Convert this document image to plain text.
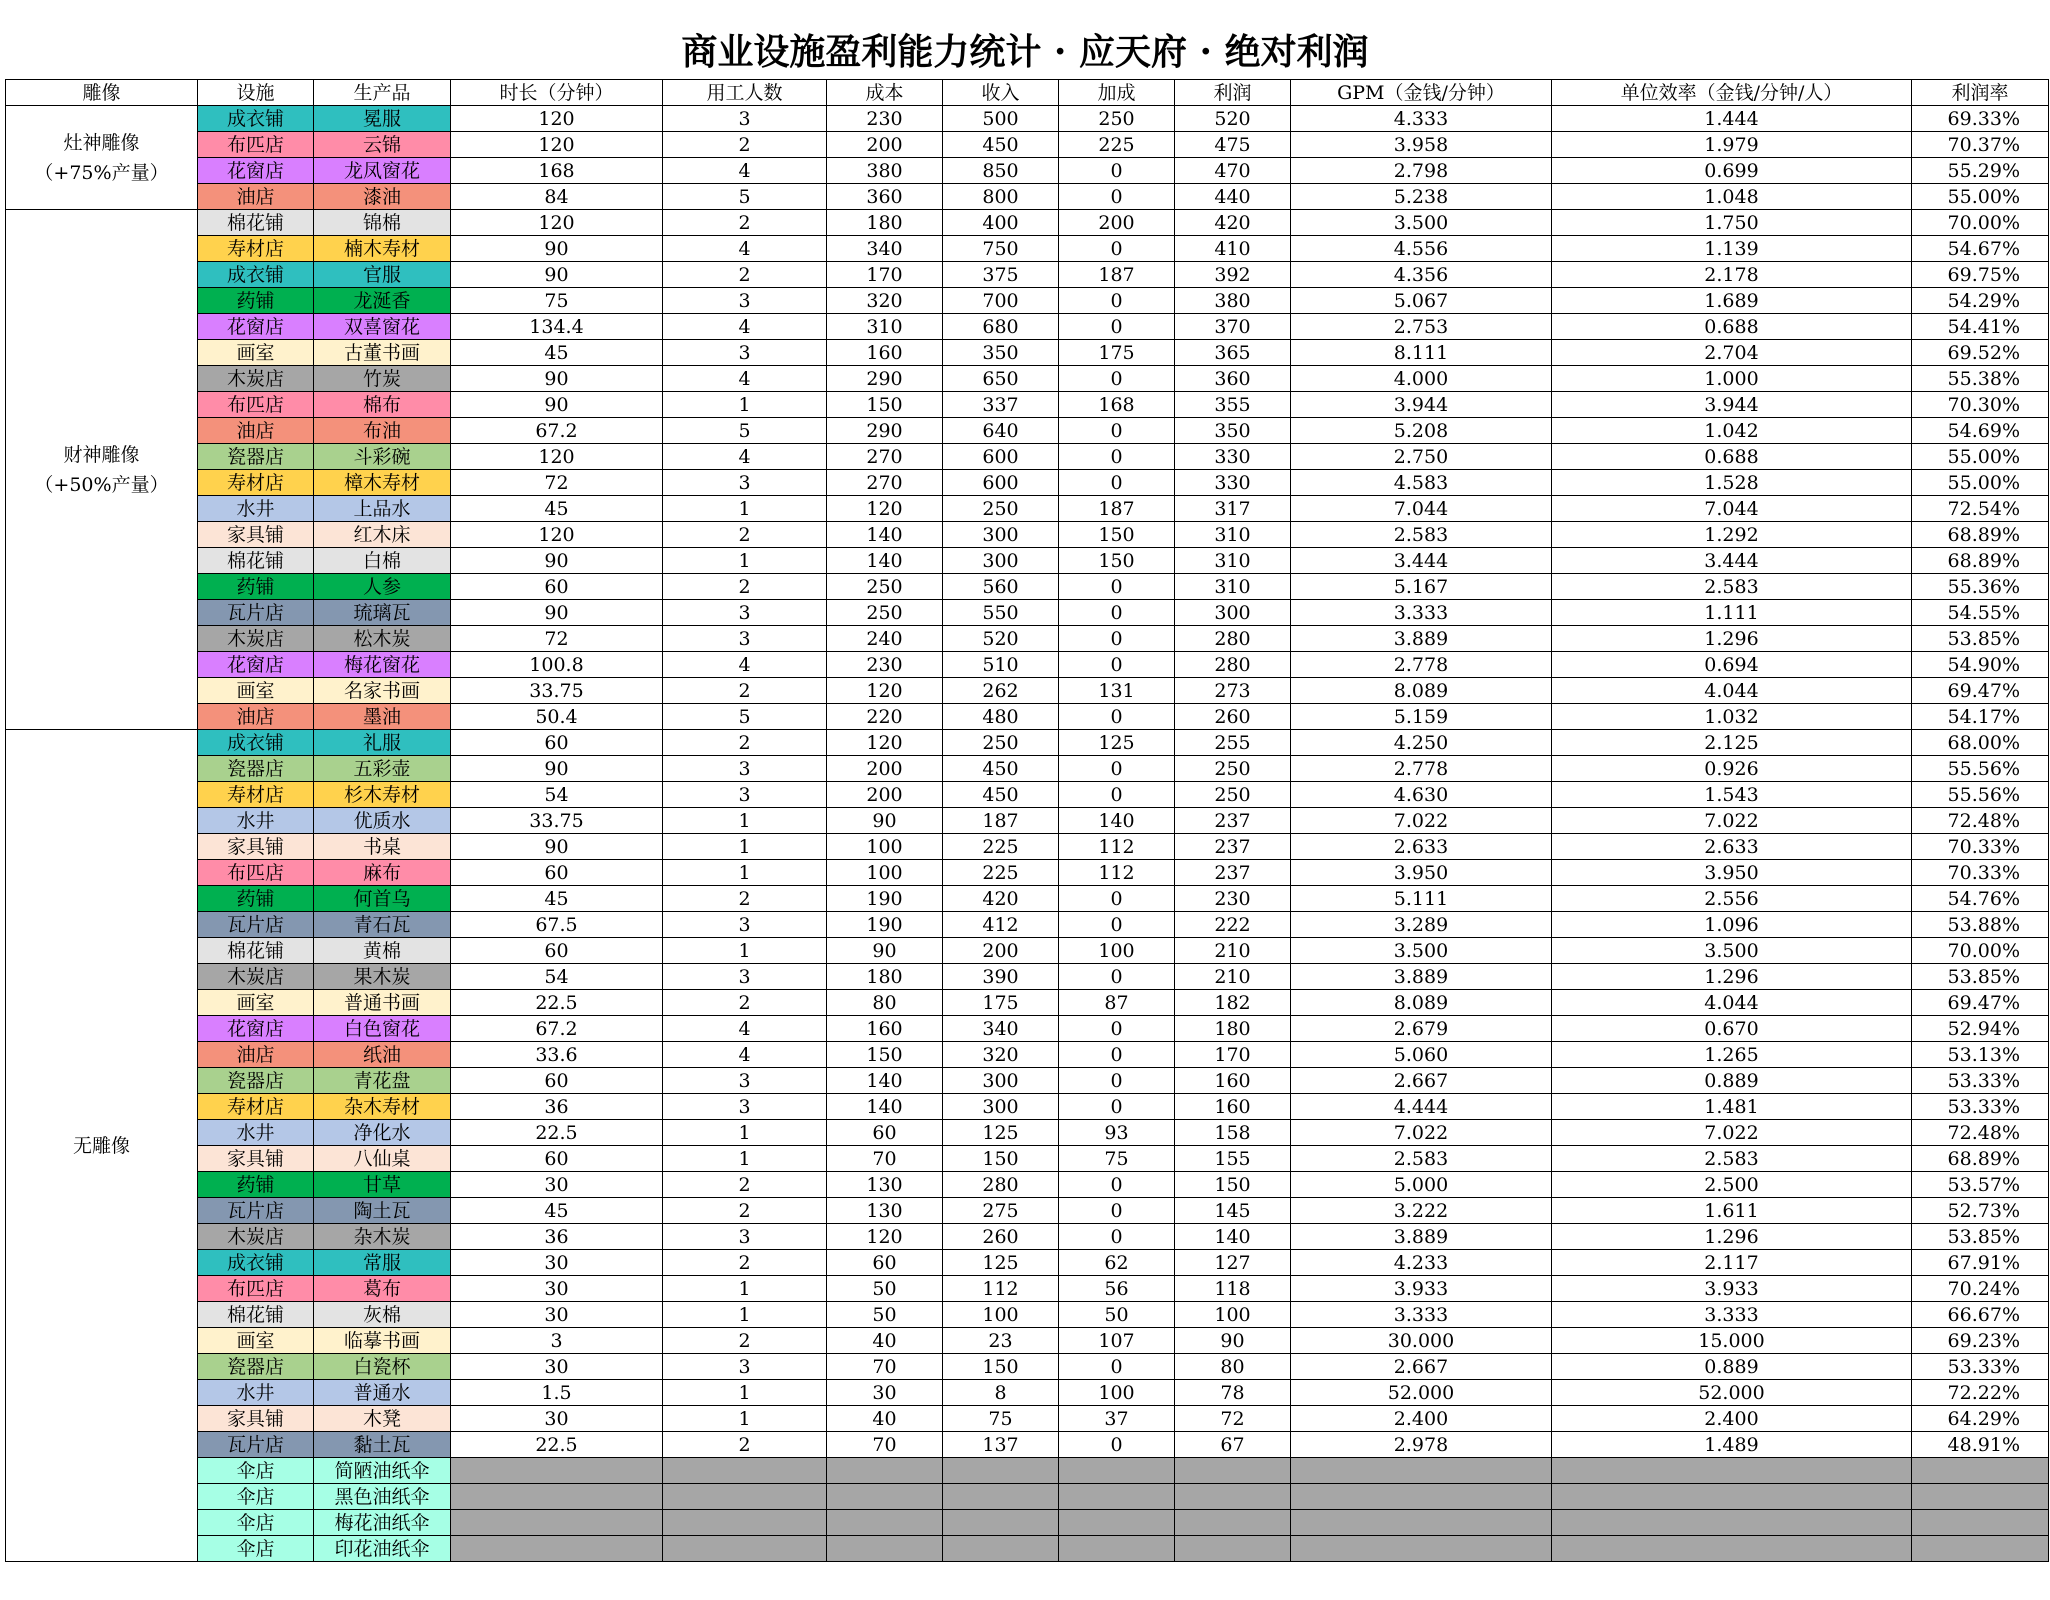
商业设施盈利能力统计 · 应天府 · 绝对利润
雕像	设施	生产品	时长（分钟）	用工人数	成本	收入	加成	利润	GPM（金钱/分钟）	单位效率（金钱/分钟/人）	利润率
灶神雕像
（+75%产量）	成衣铺	冕服	120	3	230	500	250	520	4.333	1.444	69.33%
	布匹店	云锦	120	2	200	450	225	475	3.958	1.979	70.37%
	花窗店	龙凤窗花	168	4	380	850	0	470	2.798	0.699	55.29%
	油店	漆油	84	5	360	800	0	440	5.238	1.048	55.00%
财神雕像
（+50%产量）	棉花铺	锦棉	120	2	180	400	200	420	3.500	1.750	70.00%
	寿材店	楠木寿材	90	4	340	750	0	410	4.556	1.139	54.67%
	成衣铺	官服	90	2	170	375	187	392	4.356	2.178	69.75%
	药铺	龙涎香	75	3	320	700	0	380	5.067	1.689	54.29%
	花窗店	双喜窗花	134.4	4	310	680	0	370	2.753	0.688	54.41%
	画室	古董书画	45	3	160	350	175	365	8.111	2.704	69.52%
	木炭店	竹炭	90	4	290	650	0	360	4.000	1.000	55.38%
	布匹店	棉布	90	1	150	337	168	355	3.944	3.944	70.30%
	油店	布油	67.2	5	290	640	0	350	5.208	1.042	54.69%
	瓷器店	斗彩碗	120	4	270	600	0	330	2.750	0.688	55.00%
	寿材店	樟木寿材	72	3	270	600	0	330	4.583	1.528	55.00%
	水井	上品水	45	1	120	250	187	317	7.044	7.044	72.54%
	家具铺	红木床	120	2	140	300	150	310	2.583	1.292	68.89%
	棉花铺	白棉	90	1	140	300	150	310	3.444	3.444	68.89%
	药铺	人参	60	2	250	560	0	310	5.167	2.583	55.36%
	瓦片店	琉璃瓦	90	3	250	550	0	300	3.333	1.111	54.55%
	木炭店	松木炭	72	3	240	520	0	280	3.889	1.296	53.85%
	花窗店	梅花窗花	100.8	4	230	510	0	280	2.778	0.694	54.90%
	画室	名家书画	33.75	2	120	262	131	273	8.089	4.044	69.47%
	油店	墨油	50.4	5	220	480	0	260	5.159	1.032	54.17%
无雕像	成衣铺	礼服	60	2	120	250	125	255	4.250	2.125	68.00%
	瓷器店	五彩壶	90	3	200	450	0	250	2.778	0.926	55.56%
	寿材店	杉木寿材	54	3	200	450	0	250	4.630	1.543	55.56%
	水井	优质水	33.75	1	90	187	140	237	7.022	7.022	72.48%
	家具铺	书桌	90	1	100	225	112	237	2.633	2.633	70.33%
	布匹店	麻布	60	1	100	225	112	237	3.950	3.950	70.33%
	药铺	何首乌	45	2	190	420	0	230	5.111	2.556	54.76%
	瓦片店	青石瓦	67.5	3	190	412	0	222	3.289	1.096	53.88%
	棉花铺	黄棉	60	1	90	200	100	210	3.500	3.500	70.00%
	木炭店	果木炭	54	3	180	390	0	210	3.889	1.296	53.85%
	画室	普通书画	22.5	2	80	175	87	182	8.089	4.044	69.47%
	花窗店	白色窗花	67.2	4	160	340	0	180	2.679	0.670	52.94%
	油店	纸油	33.6	4	150	320	0	170	5.060	1.265	53.13%
	瓷器店	青花盘	60	3	140	300	0	160	2.667	0.889	53.33%
	寿材店	杂木寿材	36	3	140	300	0	160	4.444	1.481	53.33%
	水井	净化水	22.5	1	60	125	93	158	7.022	7.022	72.48%
	家具铺	八仙桌	60	1	70	150	75	155	2.583	2.583	68.89%
	药铺	甘草	30	2	130	280	0	150	5.000	2.500	53.57%
	瓦片店	陶土瓦	45	2	130	275	0	145	3.222	1.611	52.73%
	木炭店	杂木炭	36	3	120	260	0	140	3.889	1.296	53.85%
	成衣铺	常服	30	2	60	125	62	127	4.233	2.117	67.91%
	布匹店	葛布	30	1	50	112	56	118	3.933	3.933	70.24%
	棉花铺	灰棉	30	1	50	100	50	100	3.333	3.333	66.67%
	画室	临摹书画	3	2	40	23	107	90	30.000	15.000	69.23%
	瓷器店	白瓷杯	30	3	70	150	0	80	2.667	0.889	53.33%
	水井	普通水	1.5	1	30	8	100	78	52.000	52.000	72.22%
	家具铺	木凳	30	1	40	75	37	72	2.400	2.400	64.29%
	瓦片店	黏土瓦	22.5	2	70	137	0	67	2.978	1.489	48.91%
	伞店	简陋油纸伞									
	伞店	黑色油纸伞									
	伞店	梅花油纸伞									
	伞店	印花油纸伞									
